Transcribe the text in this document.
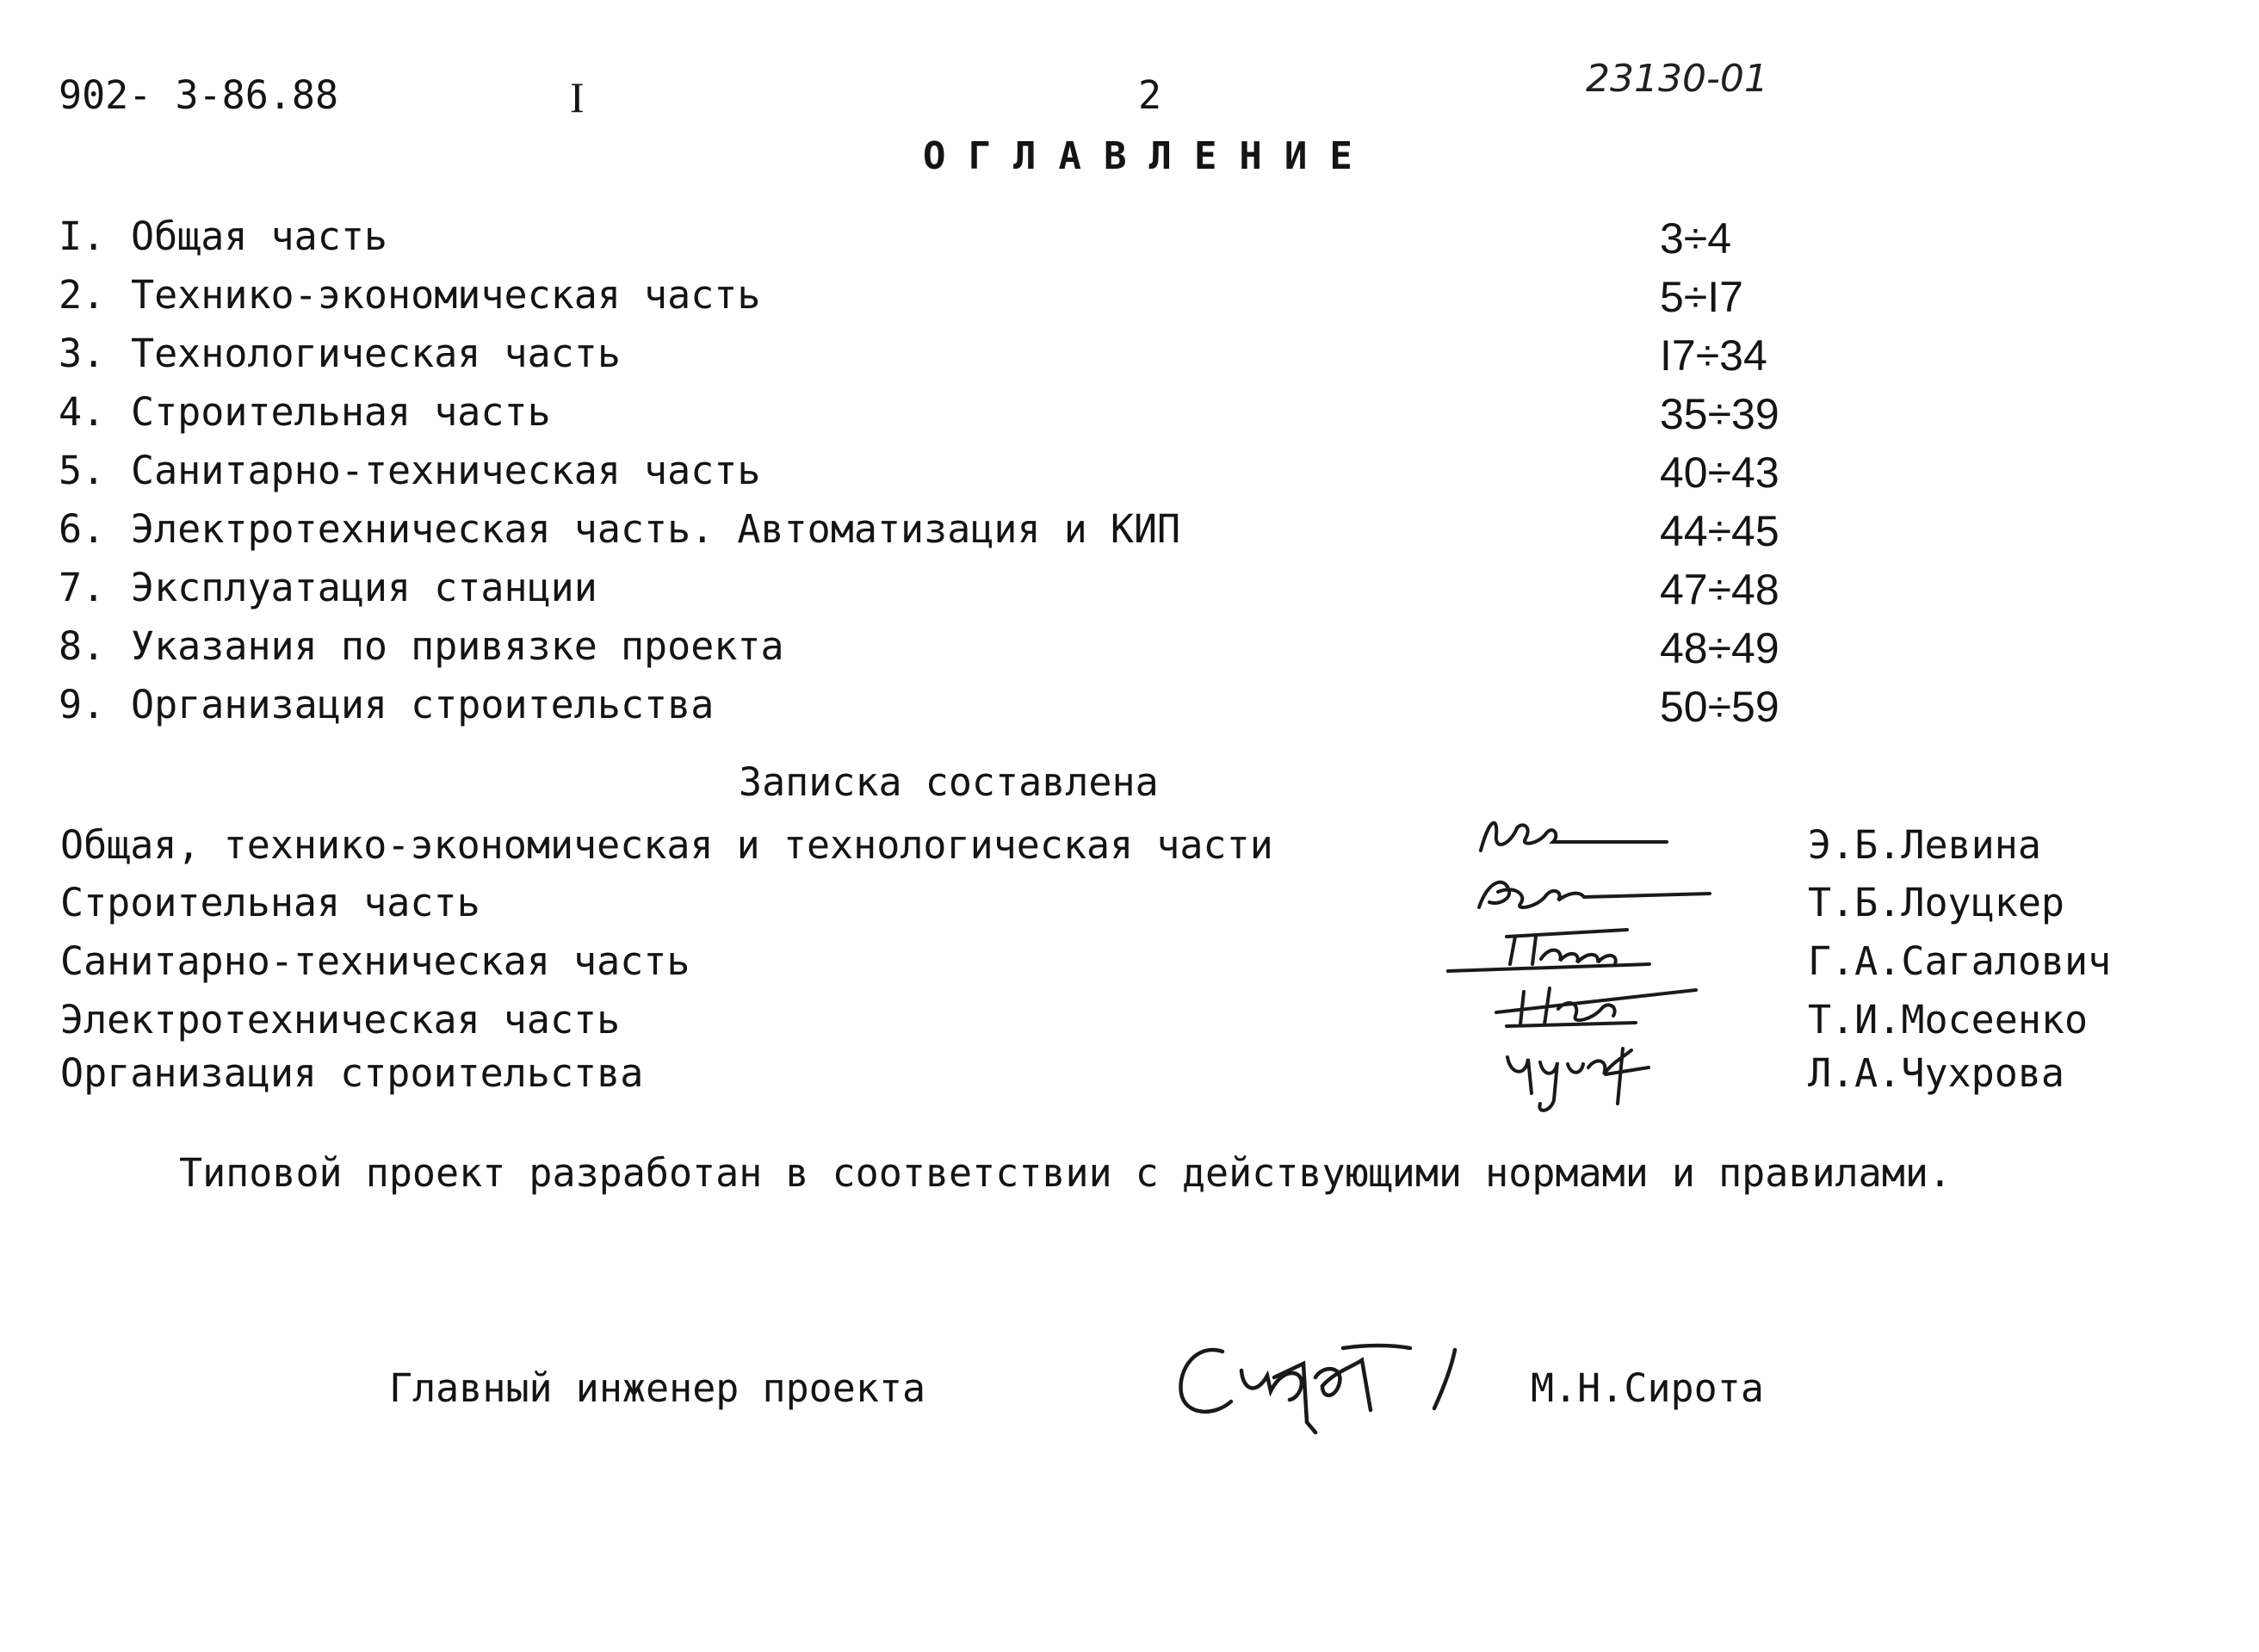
902- 3-86.88	I	2	23130-01
ОГЛАВЛЕНИЕ
I. Общая часть	3÷4
2. Технико-экономическая часть	5÷I7
3. Технологическая часть	I7÷34
4. Строительная часть	35÷39
5. Санитарно-техническая часть	40÷43
6. Электротехническая часть. Автоматизация и КИП	44÷45
7. Эксплуатация станции	47÷48
8. Указания по привязке проекта	48÷49
9. Организация строительства	50÷59
Записка составлена
Общая, технико-экономическая и технологическая части	Э.Б.Левина
Строительная часть	Т.Б.Лоуцкер
Санитарно-техническая часть	Г.А.Сагалович
Электротехническая часть	Т.И.Мосеенко
Организация строительства	Л.А.Чухрова
Типовой проект разработан в соответствии с действующими нормами и правилами.
Главный инженер проекта	М.Н.Сирота
